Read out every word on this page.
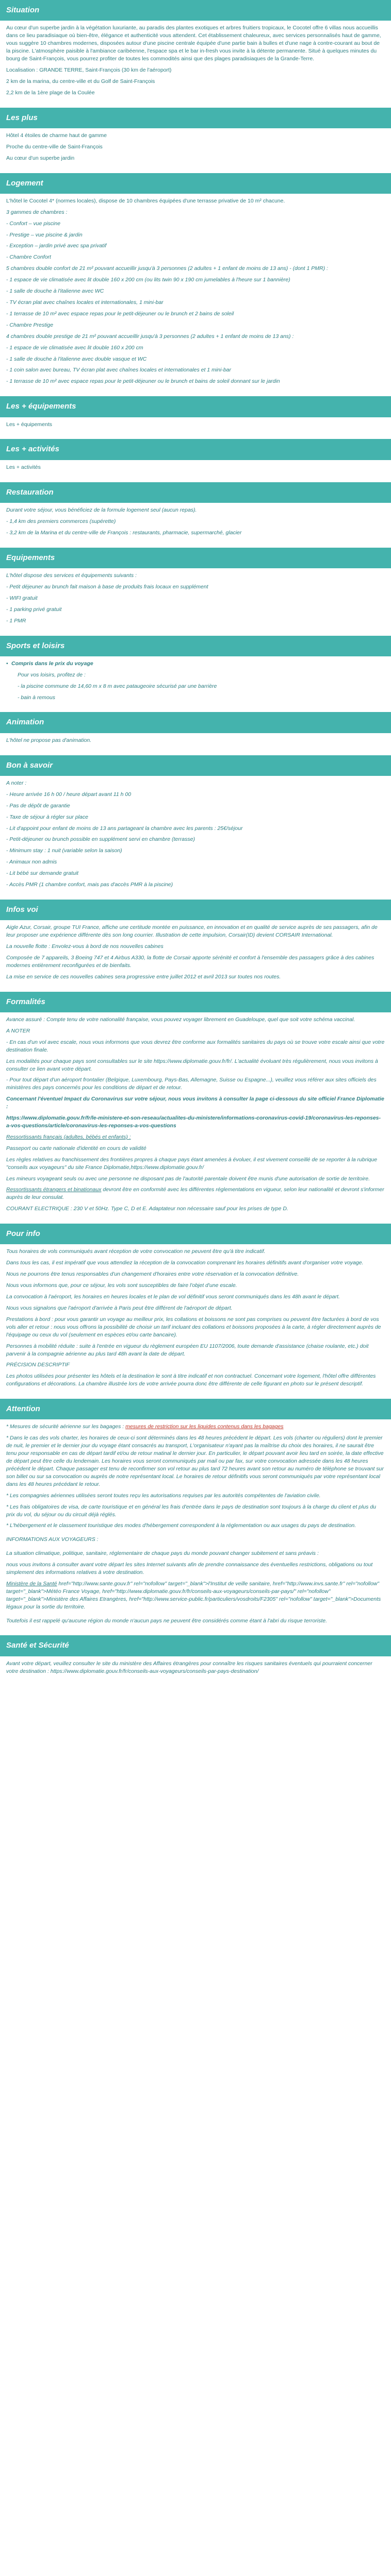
Situation

Au cœur d'un superbe jardin à la végétation luxuriante, au paradis des plantes exotiques et arbres fruitiers tropicaux, le Cocotel offre 6 villas nous accueillis dans ce lieu paradisiaque où bien-être, élégance et authenticité vous attendent. Cet établissement chaleureux, avec services personnalisés haut de gamme, vous suggère 10 chambres modernes, disposées autour d'une piscine centrale équipée d'une partie bain à bulles et d'une nage à contre-courant au bout de la piscine. L'atmosphère paisible à l'ambiance caribéenne, l'espace spa et le bar in-fresh vous invite à la détente permanente. Situé à quelques minutes du bourg de Saint-François, vous pourrez profiter de toutes les commodités ainsi que des plages paradisiaques de la Grande-Terre.

Localisation : GRANDE TERRE, Saint-François (30 km de l'aéroport)

2 km de la marina, du centre-ville et du Golf de Saint-François

2,2 km de la 1ère plage de la Coulée

Les plus

Hôtel 4 étoiles de charme haut de gamme

Proche du centre-ville de Saint-François

Au cœur d'un superbe jardin

Logement

L'hôtel le Cocotel 4* (normes locales), dispose de 10 chambres équipées d'une terrasse privative de 10 m² chacune.

3 gammes de chambres :

- Confort – vue piscine

- Prestige – vue piscine & jardin

- Exception – jardin privé avec spa privatif

- Chambre Confort

5 chambres double confort de 21 m² pouvant accueillir jusqu'à 3 personnes (2 adultes + 1 enfant de moins de 13 ans) - (dont 1 PMR) :

- 1 espace de vie climatisée avec lit double 160 x 200 cm (ou lits twin 90 x 190 cm jumelables à l'heure sur 1 bannière)

- 1 salle de douche à l'italienne avec WC

- TV écran plat avec chaînes locales et internationales, 1 mini-bar

- 1 terrasse de 10 m² avec espace repas pour le petit-déjeuner ou le brunch et 2 bains de soleil

- Chambre Prestige

4 chambres double prestige de 21 m² pouvant accueillir jusqu'à 3 personnes (2 adultes + 1 enfant de moins de 13 ans) :

- 1 espace de vie climatisée avec lit double 160 x 200 cm

- 1 salle de douche à l'italienne avec double vasque et WC

- 1 coin salon avec bureau, TV écran plat avec chaînes locales et internationales et 1 mini-bar

- 1 terrasse de 10 m² avec espace repas pour le petit-déjeuner ou le brunch et bains de soleil donnant sur le jardin

Les + équipements

Les + équipements

Les + activités

Les + activités

Restauration

Durant votre séjour, vous bénéficiez de la formule logement seul (aucun repas).

- 1,4 km des premiers commerces (supérette)

- 3,2 km de la Marina et du centre-ville de François : restaurants, pharmacie, supermarché, glacier

Equipements

L'hôtel dispose des services et équipements suivants :

- Petit déjeuner au brunch fait maison à base de produits frais locaux en supplément

- WIFI gratuit

- 1 parking privé gratuit

- 1 PMR

Sports et loisirs

• Compris dans le prix du voyage

Pour vos loisirs, profitez de :

- la piscine commune de 14,60 m x 8 m avec pataugeoire sécurisé par une barrière

- bain à remous

Animation

L'hôtel ne propose pas d'animation.

Bon à savoir

A noter :

- Heure arrivée 16 h 00 / heure départ avant 11 h 00

- Pas de dépôt de garantie

- Taxe de séjour à régler sur place

- Lit d'appoint pour enfant de moins de 13 ans partageant la chambre avec les parents : 25€/séjour

- Petit-déjeuner ou brunch possible en supplément servi en chambre (terrasse)

- Minimum stay : 1 nuit (variable selon la saison)

- Animaux non admis

- Lit bébé sur demande gratuit

- Accès PMR (1 chambre confort, mais pas d'accès PMR à la piscine)

Infos voi

Aigle Azur, Corsair, groupe TUI France, affiche une certitude montée en puissance, en innovation et en qualité de service auprès de ses passagers, afin de leur proposer une expérience différente dès son long courrier. Illustration de cette impulsion, Corsair(ID) devient CORSAIR International.

La nouvelle flotte : Envolez-vous à bord de nos nouvelles cabines

Composée de 7 appareils, 3 Boeing 747 et 4 Airbus A330, la flotte de Corsair apporte sérénité et confort à l'ensemble des passagers grâce à des cabines modernes entièrement reconfigurées et de bienfaits.

La mise en service de ces nouvelles cabines sera progressive entre juillet 2012 et avril 2013 sur toutes nos routes.

Formalités

Avance assuré : Compte tenu de votre nationalité française, vous pouvez voyager librement en Guadeloupe, quel que soit votre schéma vaccinal.

A NOTER

- En cas d'un vol avec escale, nous vous informons que vous devrez être conforme aux formalités sanitaires du pays où se trouve votre escale ainsi que votre destination finale.

Les modalités pour chaque pays sont consultables sur le site https://www.diplomatie.gouv.fr/fr/. L'actualité évoluant très régulièrement, nous vous invitons à consulter ce lien avant votre départ.

- Pour tout départ d'un aéroport frontalier (Belgique, Luxembourg, Pays-Bas, Allemagne, Suisse ou Espagne...), veuillez vous référer aux sites officiels des ministères des pays concernés pour les conditions de départ et de retour.

Concernant l'éventuel Impact du Coronavirus sur votre séjour, nous vous invitons à consulter la page ci-dessous du site officiel France Diplomatie :

https://www.diplomatie.gouv.fr/fr/le-ministere-et-son-reseau/actualites-du-ministere/informations-coronavirus-covid-19/coronavirus-les-reponses-a-vos-questions/article/coronavirus-les-reponses-a-vos-questions

Ressortissants français (adultes, bébés et enfants) :

Passeport ou carte nationale d'identité en cours de validité

Les règles relatives au franchissement des frontières propres à chaque pays étant amenées à évoluer, il est vivement conseillé de se reporter à la rubrique "conseils aux voyageurs" du site France Diplomatie,https://www.diplomatie.gouv.fr/

Les mineurs voyageant seuls ou avec une personne ne disposant pas de l'autorité parentale doivent être munis d'une autorisation de sortie de territoire.

Ressortissants étrangers et binationaux devront être en conformité avec les différentes réglementations en vigueur, selon leur nationalité et devront s'informer auprès de leur consulat.

COURANT ELECTRIQUE : 230 V et 50Hz. Type C, D et E. Adaptateur non nécessaire sauf pour les prises de type D.

Pour info

Tous horaires de vols communiqués avant réception de votre convocation ne peuvent être qu'à titre indicatif.

Dans tous les cas, il est impératif que vous attendiez la réception de la convocation comprenant les horaires définitifs avant d'organiser votre voyage.

Nous ne pourrons être tenus responsables d'un changement d'horaires entre votre réservation et la convocation définitive.

Nous vous informons que, pour ce séjour, les vols sont susceptibles de faire l'objet d'une escale.

La convocation à l'aéroport, les horaires en heures locales et le plan de vol définitif vous seront communiqués dans les 48h avant le départ.

Nous vous signalons que l'aéroport d'arrivée à Paris peut être différent de l'aéroport de départ.

Prestations à bord : pour vous garantir un voyage au meilleur prix, les collations et boissons ne sont pas comprises ou peuvent être facturées à bord de vos vols aller et retour : nous vous offrons la possibilité de choisir un tarif incluant des collations et boissons proposées à la carte, à régler directement auprès de l'équipage ou ceux du vol (seulement en espèces et/ou carte bancaire).

Personnes à mobilité réduite : suite à l'entrée en vigueur du règlement européen EU 1107/2006, toute demande d'assistance (chaise roulante, etc.) doit parvenir à la compagnie aérienne au plus tard 48h avant la date de départ.

PRÉCISION DESCRIPTIF

Les photos utilisées pour présenter les hôtels et la destination le sont à titre indicatif et non contractuel. Concernant votre logement, l'hôtel offre différentes configurations et décorations. La chambre illustrée lors de votre arrivée pourra donc être différente de celle figurant en photo sur le présent descriptif.

Attention

* Mesures de sécurité aérienne sur les bagages : mesures de restriction sur les liquides contenus dans les bagages

* Dans le cas des vols charter, les horaires de ceux-ci sont déterminés dans les 48 heures précédent le départ. Les vols (charter ou réguliers) dont le premier de nuit, le premier et le dernier jour du voyage étant consacrés au transport, L'organisateur n'ayant pas la maîtrise du choix des horaires, il ne saurait être tenu pour responsable en cas de départ tardif et/ou de retour matinal le dernier jour. En particulier, le départ pouvant avoir lieu tard en soirée, la date effective de départ peut être celle du lendemain. Les horaires vous seront communiqués par mail ou par fax, sur votre convocation adressée dans les 48 heures précédent le départ. Chaque passager est tenu de reconfirmer son vol retour au plus tard 72 heures avant son retour au numéro de téléphone se trouvant sur son billet ou sur sa convocation ou auprès de notre représentant local. Le horaires de retour définitifs vous seront communiqués par votre représentant local dans les 48 heures précédant le retour.

* Les compagnies aériennes utilisées seront toutes reçu les autorisations requises par les autorités compétentes de l'aviation civile.

* Les frais obligatoires de visa, de carte touristique et en général les frais d'entrée dans le pays de destination sont toujours à la charge du client et plus du prix du vol, du séjour ou du circuit déjà réglés.

* L'hébergement et le classement touristique des modes d'hébergement correspondent à la réglementation ou aux usages du pays de destination.

INFORMATIONS AUX VOYAGEURS :

La situation climatique, politique, sanitaire, réglementaire de chaque pays du monde pouvant changer subitement et sans préavis :

nous vous invitons à consulter avant votre départ les sites Internet suivants afin de prendre connaissance des éventuelles restrictions, obligations ou tout simplement des informations relatives à votre destination.

Ministère de la Santé href="http://www.sante.gouv.fr" rel="nofollow" target="_blank">l'Institut de veille sanitaire, href="http://www.invs.sante.fr" rel="nofollow" target="_blank">Météo France Voyage, href="http://www.diplomatie.gouv.fr/fr/conseils-aux-voyageurs/conseils-par-pays/" rel="nofollow" target="_blank">Ministère des Affaires Etrangères, href="http://www.service-public.fr/particuliers/vosdroits/F2305" rel="nofollow" target="_blank">Documents légaux pour la sortie du territoire.

Toutefois il est rappelé qu'aucune région du monde n'aucun pays ne peuvent être considérés comme étant à l'abri du risque terroriste.

Santé et Sécurité

Avant votre départ, veuillez consulter le site du ministère des Affaires étrangères pour connaître les risques sanitaires éventuels qui pourraient concerner votre destination : https://www.diplomatie.gouv.fr/fr/conseils-aux-voyageurs/conseils-par-pays-destination/
